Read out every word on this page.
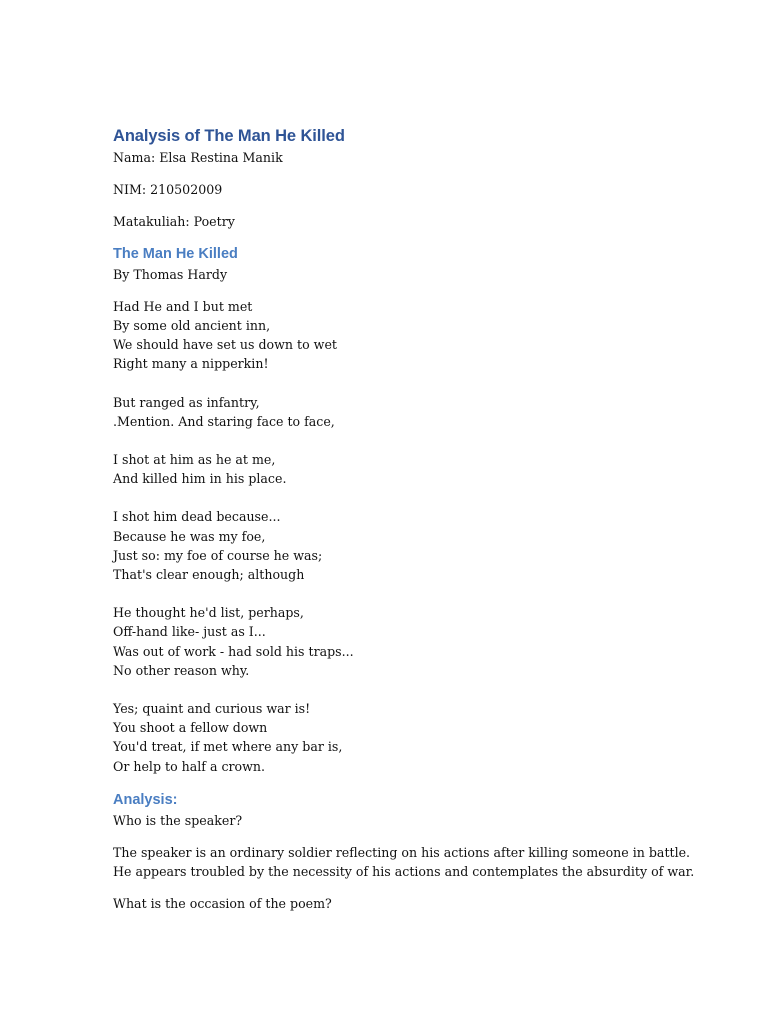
Analysis of The Man He Killed

Nama: Elsa Restina Manik

NIM: 210502009

Matakuliah: Poetry

The Man He Killed

By Thomas Hardy

Had He and I but met

By some old ancient inn,

We should have set us down to wet

Right many a nipperkin!

But ranged as infantry,

.Mention. And staring face to face,

I shot at him as he at me,

And killed him in his place.

I shot him dead because...

Because he was my foe,

Just so: my foe of course he was;

That's clear enough; although

He thought he'd list, perhaps,

Off-hand like- just as I...

Was out of work - had sold his traps...

No other reason why.

Yes; quaint and curious war is!

You shoot a fellow down

You'd treat, if met where any bar is,

Or help to half a crown.

Analysis:

Who is the speaker?

The speaker is an ordinary soldier reflecting on his actions after killing someone in battle.

He appears troubled by the necessity of his actions and contemplates the absurdity of war.

What is the occasion of the poem?
